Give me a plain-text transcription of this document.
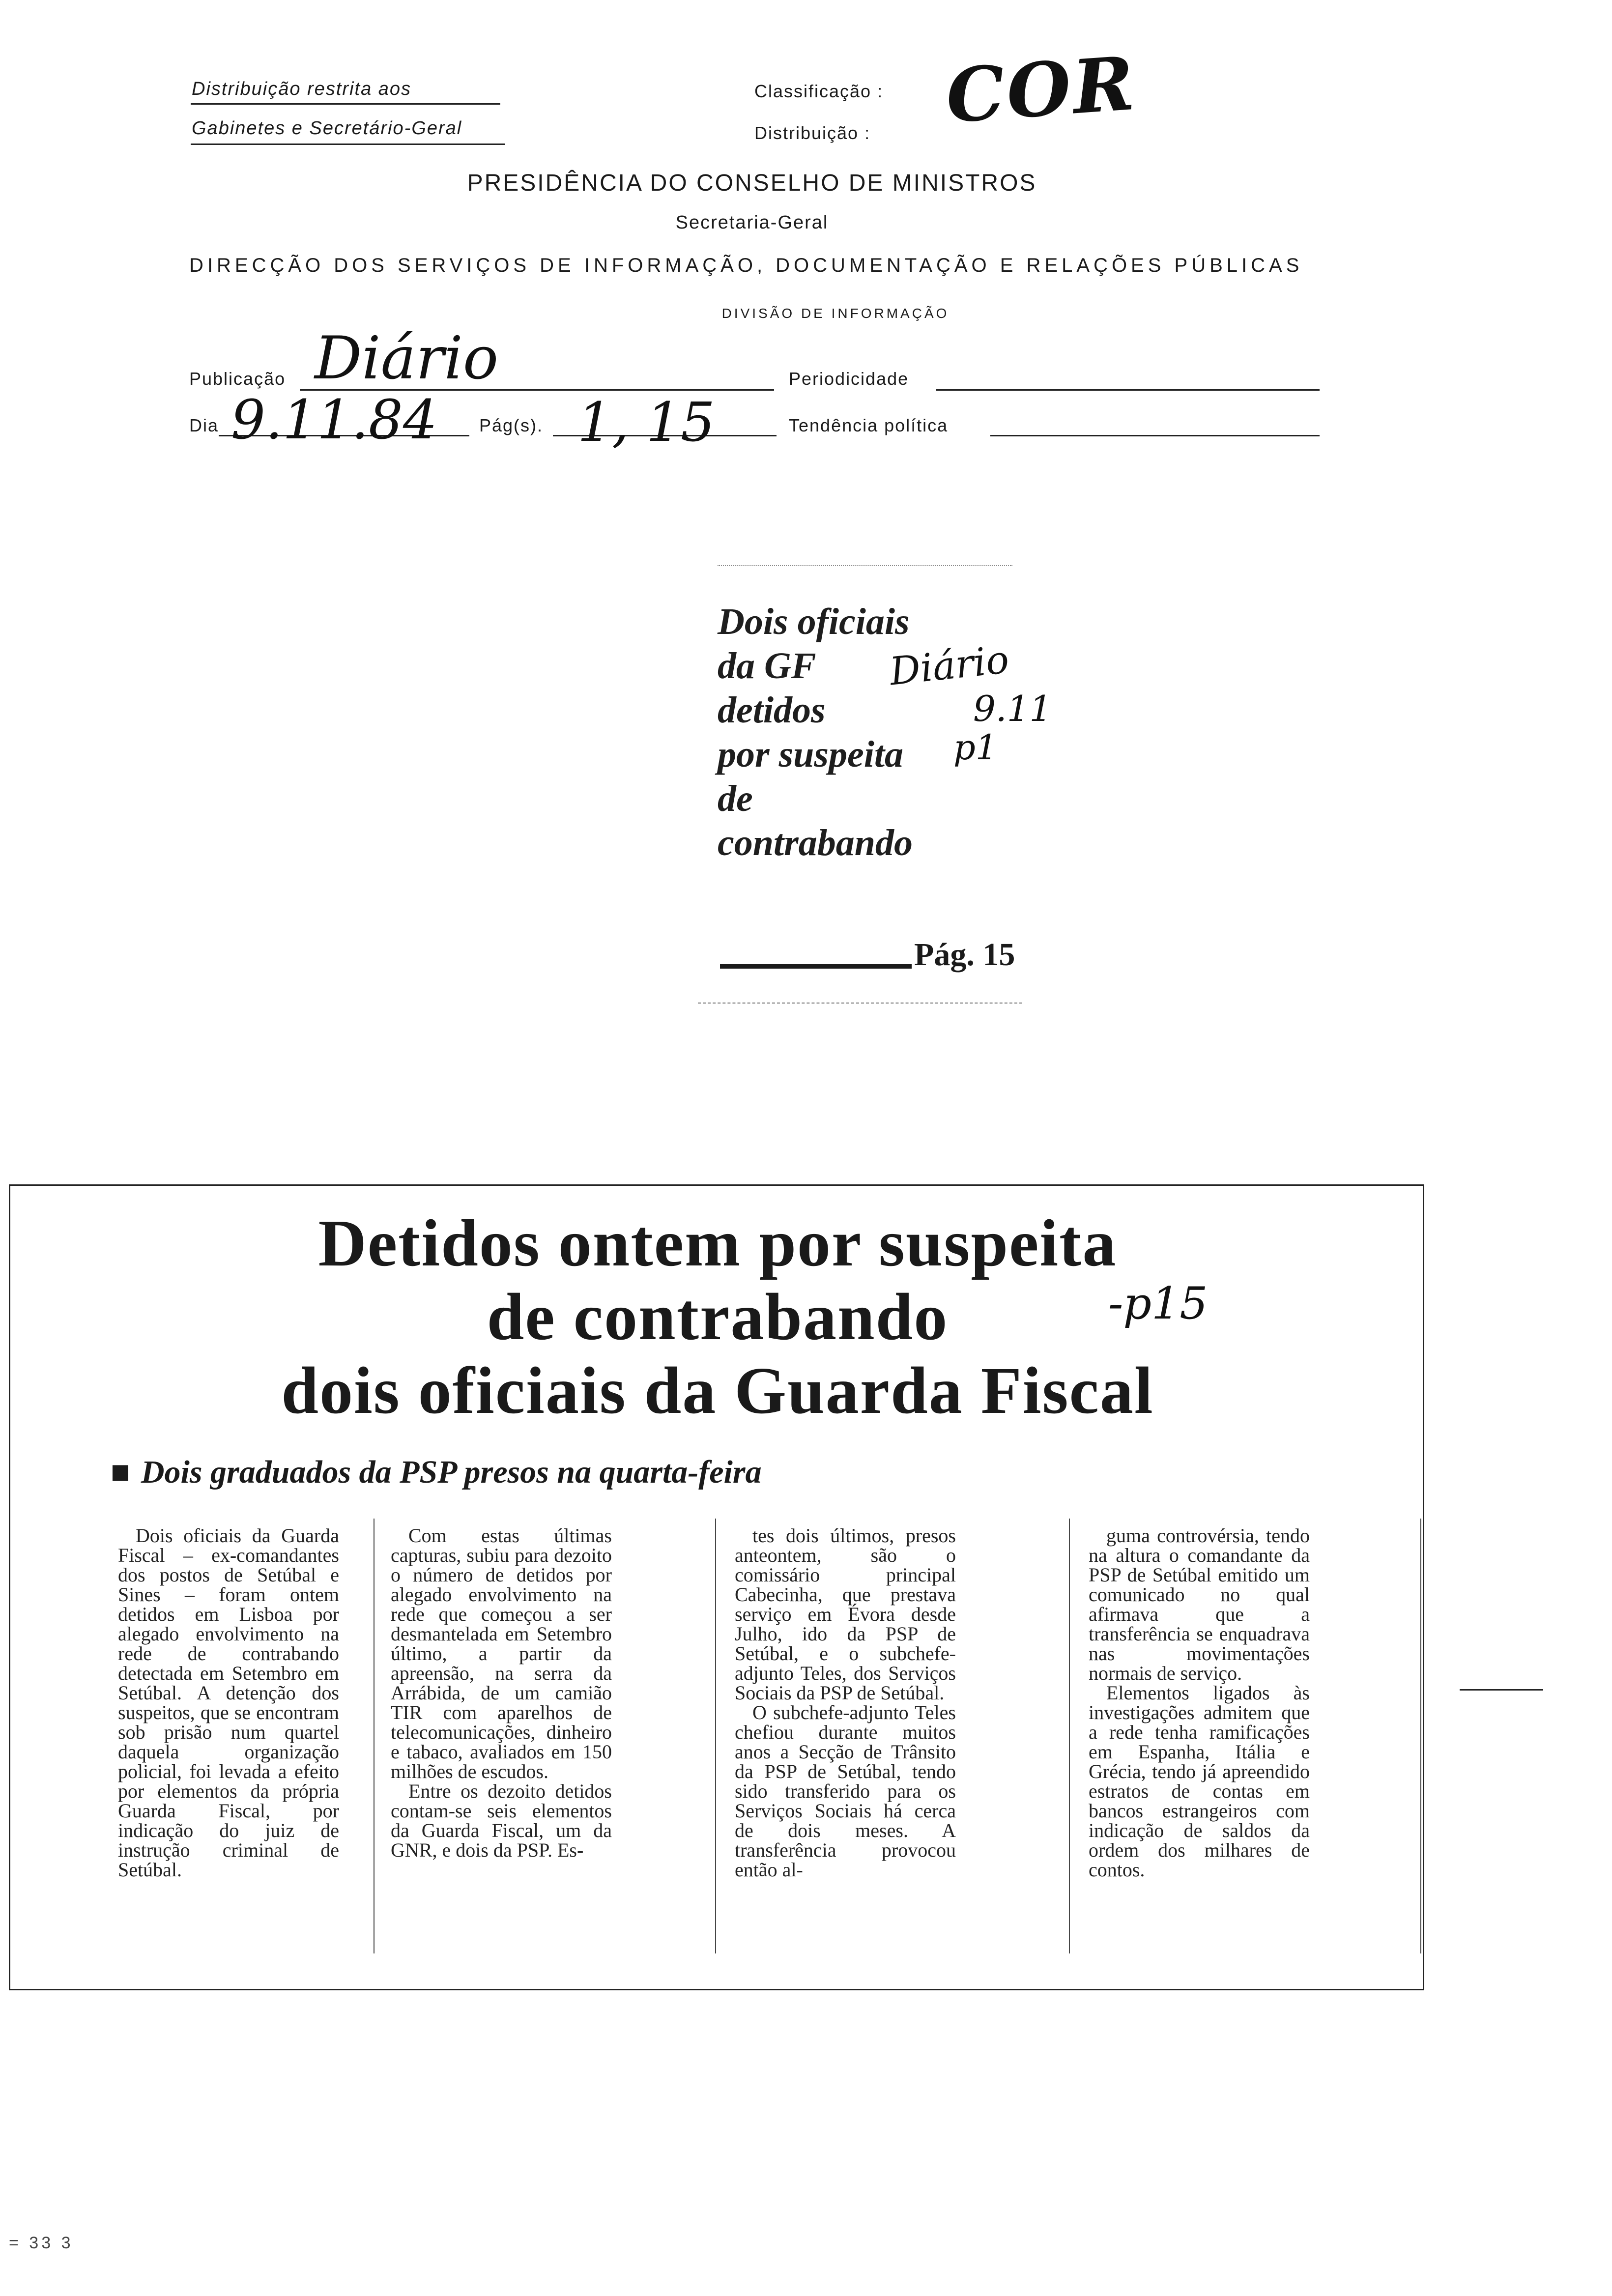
Distribuição restrita aos
Gabinetes e Secretário-Geral
Classificação : COR
Distribuição :
PRESIDÊNCIA DO CONSELHO DE MINISTROS
Secretaria-Geral
DIRECÇÃO DOS SERVIÇOS DE INFORMAÇÃO, DOCUMENTAÇÃO E RELAÇÕES PÚBLICAS
DIVISÃO DE INFORMAÇÃO
Publicação Diário	Periodicidade
Dia 9.11.84 Pág(s). 1, 15	Tendência política
Dois oficiais
da GF
detidos
por suspeita
de
contrabando
Diário
9.11
p1
Pág. 15
Detidos ontem por suspeita
de contrabando
dois oficiais da Guarda Fiscal
-p15
■ Dois graduados da PSP presos na quarta-feira

Dois oficiais da Guarda Fiscal – ex-comandantes dos postos de Setúbal e Sines – foram ontem detidos em Lisboa por alegado envolvimento na rede de contrabando detectada em Setembro em Setúbal. A detenção dos suspeitos, que se encontram sob prisão num quartel daquela organização policial, foi levada a efeito por elementos da própria Guarda Fiscal, por indicação do juiz de instrução criminal de Setúbal.

Com estas últimas capturas, subiu para dezoito o número de detidos por alegado envolvimento na rede que começou a ser desmantelada em Setembro último, a partir da apreensão, na serra da Arrábida, de um camião TIR com aparelhos de telecomunicações, dinheiro e tabaco, avaliados em 150 milhões de escudos.

Entre os dezoito detidos contam-se seis elementos da Guarda Fiscal, um da GNR, e dois da PSP. Es-

tes dois últimos, presos anteontem, são o comissário principal Cabecinha, que prestava serviço em Évora desde Julho, ido da PSP de Setúbal, e o subchefe-adjunto Teles, dos Serviços Sociais da PSP de Setúbal.

O subchefe-adjunto Teles chefiou durante muitos anos a Secção de Trânsito da PSP de Setúbal, tendo sido transferido para os Serviços Sociais há cerca de dois meses. A transferência provocou então al-

guma controvérsia, tendo na altura o comandante da PSP de Setúbal emitido um comunicado no qual afirmava que a transferência se enquadrava nas movimentações normais de serviço.

Elementos ligados às investigações admitem que a rede tenha ramificações em Espanha, Itália e Grécia, tendo já apreendido estratos de contas em bancos estrangeiros com indicação de saldos da ordem dos milhares de contos.

= 33 3
